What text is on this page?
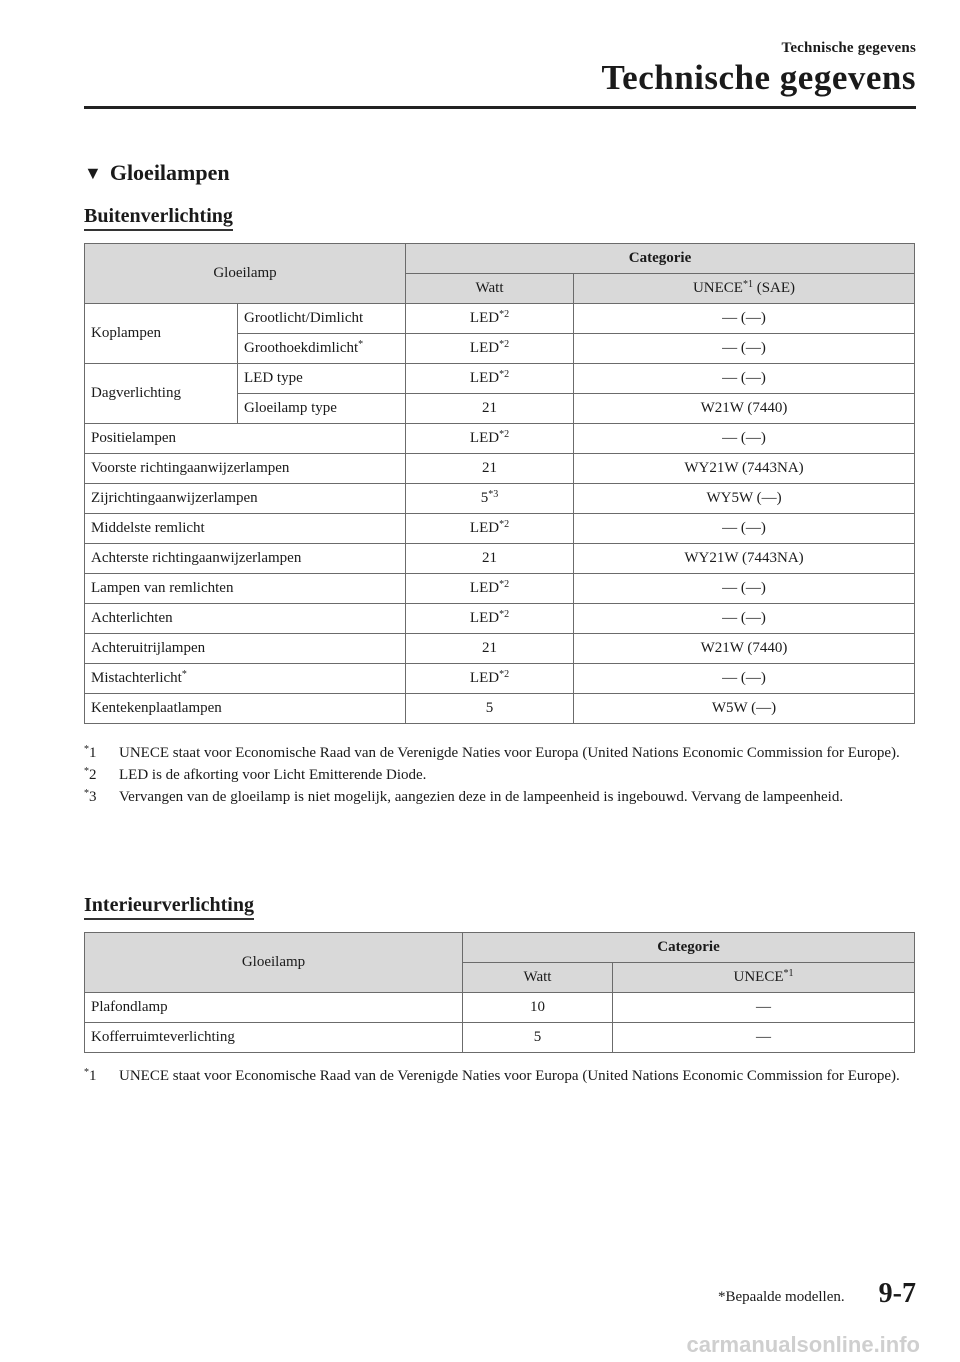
Technische gegevens
Technische gegevens
▼ Gloeilampen
Buitenverlichting
Gloeilamp		Categorie	
		Watt	UNECE$^{*1}$ (SAE)
Koplampen	Grootlicht/Dimlicht	LED$^{*2}$	— (—)
	Groothoekdimlicht*	LED$^{*2}$	— (—)
Dagverlichting	LED type	LED$^{*2}$	— (—)
	Gloeilamp type	21	W21W (7440)
Positielampen		LED$^{*2}$	— (—)
Voorste richtingaanwijzerlampen		21	WY21W (7443NA)
Zijrichtingaanwijzerlampen		5$^{*3}$	WY5W (—)
Middelste remlicht		LED$^{*2}$	— (—)
Achterste richtingaanwijzerlampen		21	WY21W (7443NA)
Lampen van remlichten		LED$^{*2}$	— (—)
Achterlichten		LED$^{*2}$	— (—)
Achteruitrijlampen		21	W21W (7440)
Mistachterlicht*		LED$^{*2}$	— (—)
Kentekenplaatlampen		5	W5W (—)
*1	UNECE staat voor Economische Raad van de Verenigde Naties voor Europa (United Nations Economic Commission for Europe).
*2	LED is de afkorting voor Licht Emitterende Diode.
*3	Vervangen van de gloeilamp is niet mogelijk, aangezien deze in de lampeenheid is ingebouwd. Vervang de lampeenheid.
Interieurverlichting
Gloeilamp	Categorie	
	Watt	UNECE$^{*1}$
Plafondlamp	10	—
Kofferruimteverlichting	5	—
*1	UNECE staat voor Economische Raad van de Verenigde Naties voor Europa (United Nations Economic Commission for Europe).
*Bepaalde modellen. 9-7
carmanualsonline.info
